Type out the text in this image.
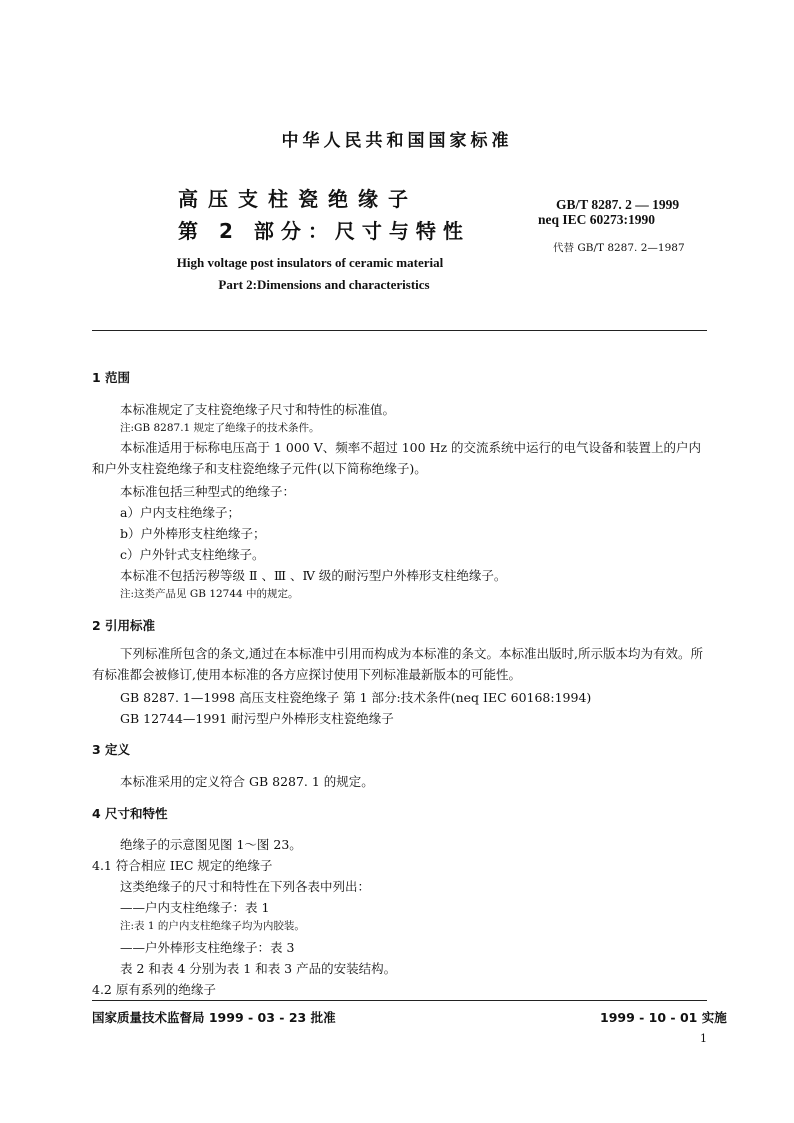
中华人民共和国国家标准
高压支柱瓷绝缘子
第 2 部分：尺寸与特性
GB/T 8287. 2 — 1999
neq IEC 60273:1990
代替 GB/T 8287. 2—1987
High voltage post insulators of ceramic material
Part 2:Dimensions and characteristics
1 范围
本标准规定了支柱瓷绝缘子尺寸和特性的标准值。
注:GB 8287.1 规定了绝缘子的技术条件。
本标准适用于标称电压高于 1 000 V、频率不超过 100 Hz 的交流系统中运行的电气设备和装置上的户内和户外支柱瓷绝缘子和支柱瓷绝缘子元件(以下简称绝缘子)。
本标准包括三种型式的绝缘子：
a）户内支柱绝缘子；
b）户外棒形支柱绝缘子；
c）户外针式支柱绝缘子。
本标准不包括污秽等级 Ⅱ 、Ⅲ 、Ⅳ 级的耐污型户外棒形支柱绝缘子。
注:这类产品见 GB 12744 中的规定。
2 引用标准
下列标准所包含的条文,通过在本标准中引用而构成为本标准的条文。本标准出版时,所示版本均为有效。所有标准都会被修订,使用本标准的各方应探讨使用下列标准最新版本的可能性。
GB 8287. 1—1998 高压支柱瓷绝缘子 第 1 部分:技术条件(neq IEC 60168:1994)
GB 12744—1991 耐污型户外棒形支柱瓷绝缘子
3 定义
本标准采用的定义符合 GB 8287. 1 的规定。
4 尺寸和特性
绝缘子的示意图见图 1～图 23。
4.1 符合相应 IEC 规定的绝缘子
这类绝缘子的尺寸和特性在下列各表中列出：
——户内支柱绝缘子：表 1
注:表 1 的户内支柱绝缘子均为内胶装。
——户外棒形支柱绝缘子：表 3
表 2 和表 4 分别为表 1 和表 3 产品的安装结构。
4.2 原有系列的绝缘子
国家质量技术监督局 1999 - 03 - 23 批准	1999 - 10 - 01 实施
1
